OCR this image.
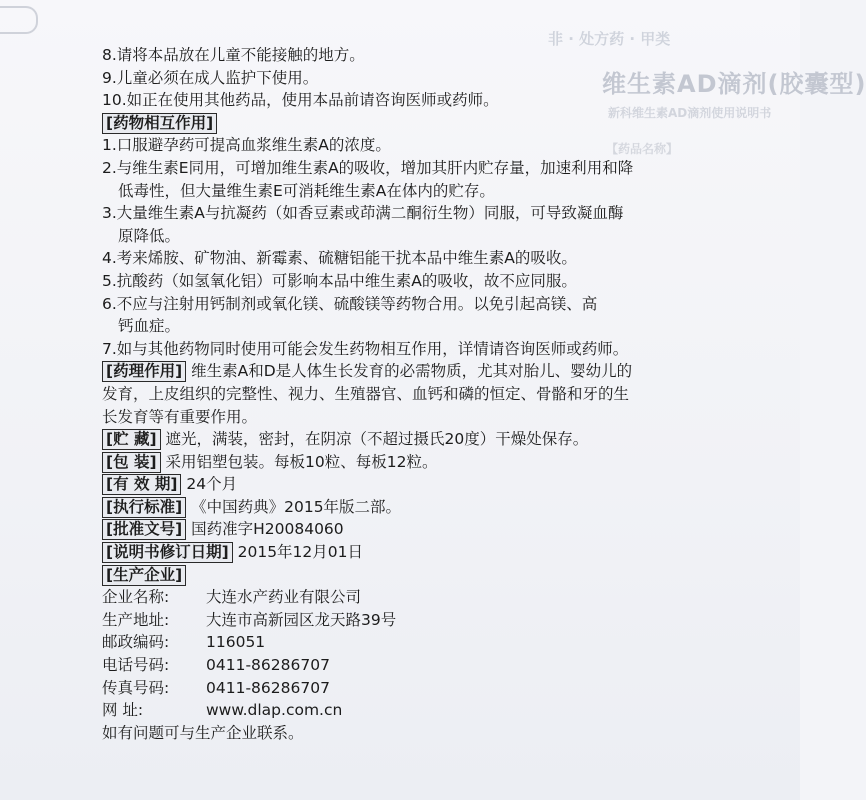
非 · 处方药 · 甲类
维生素AD滴剂(胶囊型)
新科维生素AD滴剂使用说明书
【药品名称】
8.请将本品放在儿童不能接触的地方。
9.儿童必须在成人监护下使用。
10.如正在使用其他药品，使用本品前请咨询医师或药师。
[药物相互作用]
1.口服避孕药可提高血浆维生素A的浓度。
2.与维生素E同用，可增加维生素A的吸收，增加其肝内贮存量，加速利用和降
低毒性，但大量维生素E可消耗维生素A在体内的贮存。
3.大量维生素A与抗凝药（如香豆素或茚满二酮衍生物）同服，可导致凝血酶
原降低。
4.考来烯胺、矿物油、新霉素、硫糖铝能干扰本品中维生素A的吸收。
5.抗酸药（如氢氧化铝）可影响本品中维生素A的吸收，故不应同服。
6.不应与注射用钙制剂或氧化镁、硫酸镁等药物合用。以免引起高镁、高
钙血症。
7.如与其他药物同时使用可能会发生药物相互作用，详情请咨询医师或药师。
[药理作用] 维生素A和D是人体生长发育的必需物质，尤其对胎儿、婴幼儿的
发育，上皮组织的完整性、视力、生殖器官、血钙和磷的恒定、骨骼和牙的生
长发育等有重要作用。
[贮 藏] 遮光，满装，密封，在阴凉（不超过摄氏20度）干燥处保存。
[包 装] 采用铝塑包装。每板10粒、每板12粒。
[有 效 期] 24个月
[执行标准] 《中国药典》2015年版二部。
[批准文号] 国药准字H20084060
[说明书修订日期] 2015年12月01日
[生产企业]
企业名称: 大连水产药业有限公司
生产地址: 大连市高新园区龙天路39号
邮政编码: 116051
电话号码: 0411-86286707
传真号码: 0411-86286707
网 址:	www.dlap.com.cn
如有问题可与生产企业联系。
